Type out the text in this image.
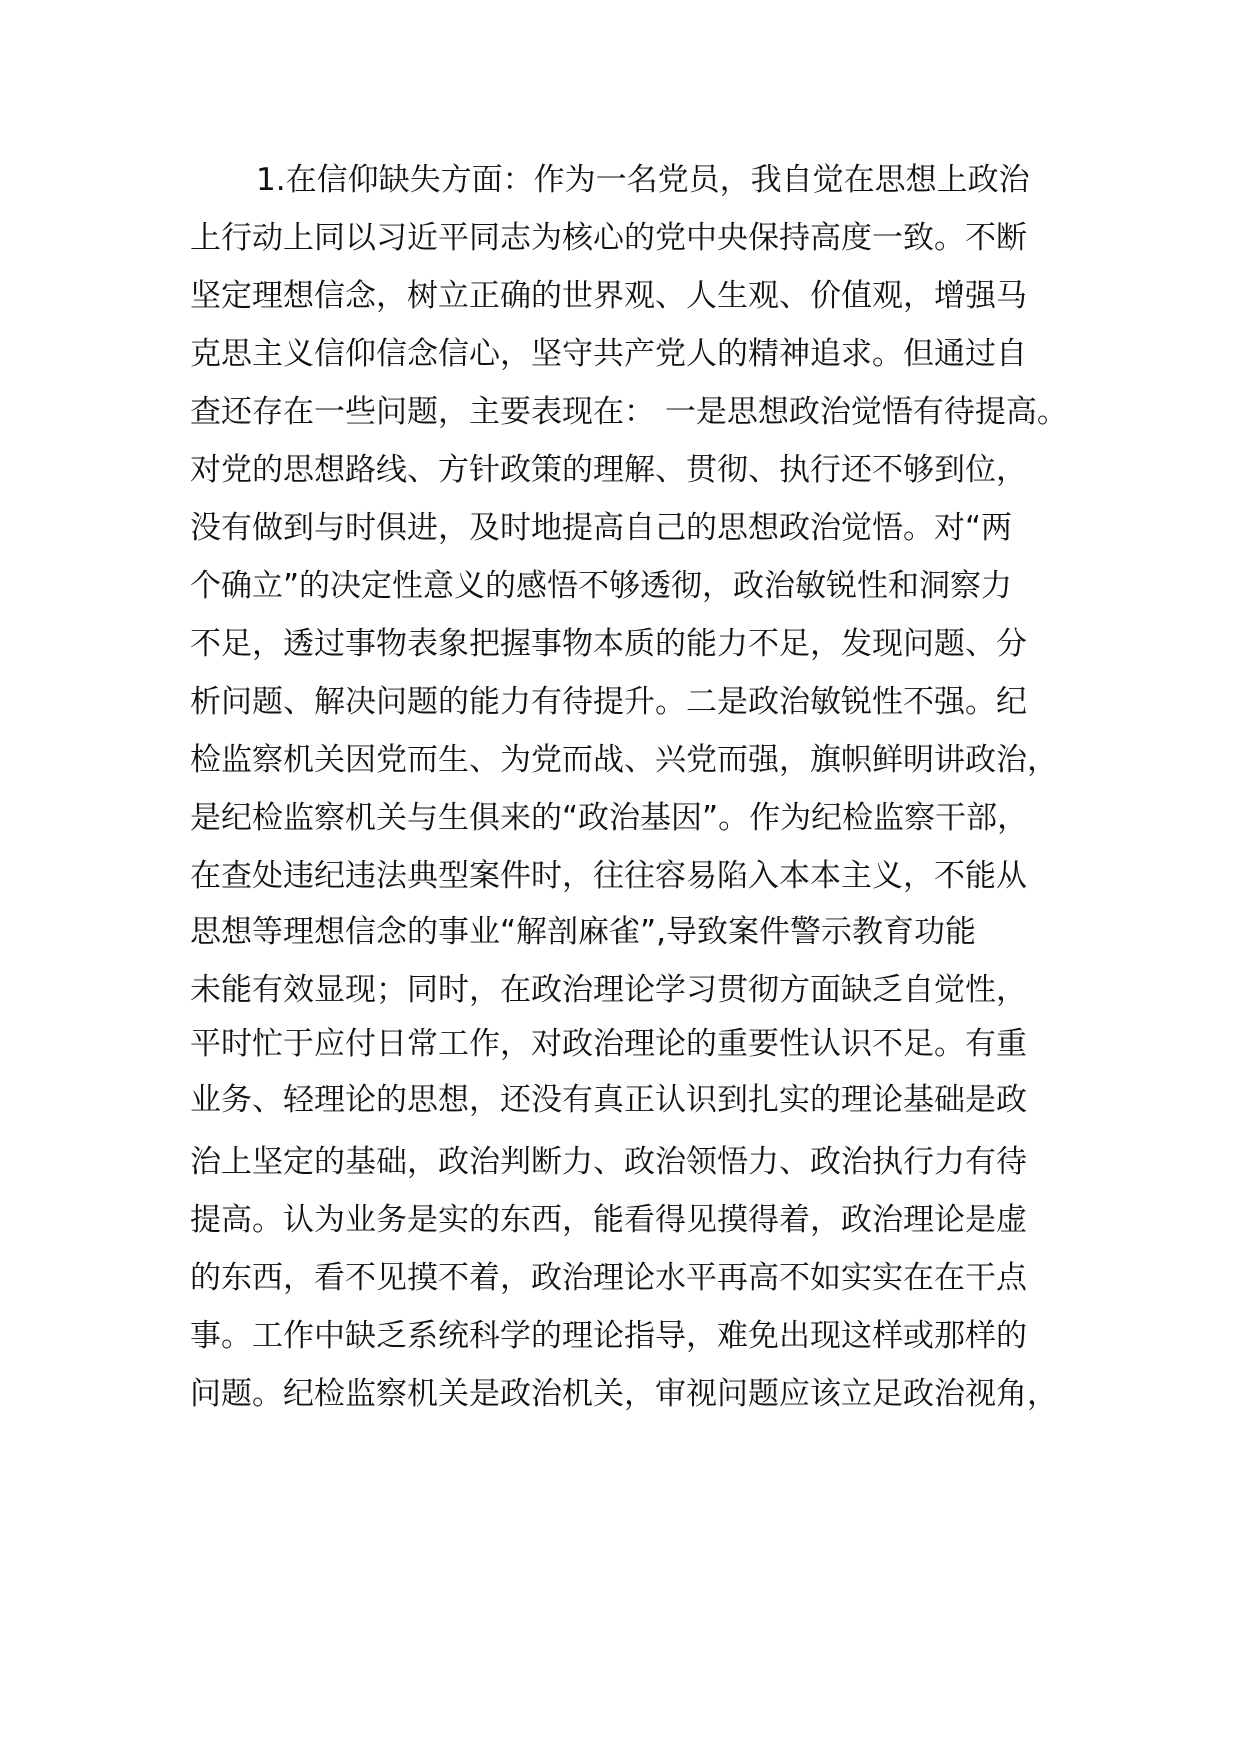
1.在信仰缺失方面：作为一名党员，我自觉在思想上政治
上行动上同以习近平同志为核心的党中央保持高度一致。不断
坚定理想信念，树立正确的世界观、人生观、价值观，增强马
克思主义信仰信念信心，坚守共产党人的精神追求。但通过自
查还存在一些问题，主要表现在： 一是思想政治觉悟有待提高。
对党的思想路线、方针政策的理解、贯彻、执行还不够到位，
没有做到与时俱进，及时地提高自己的思想政治觉悟。对“两
个确立”的决定性意义的感悟不够透彻，政治敏锐性和洞察力
不足，透过事物表象把握事物本质的能力不足，发现问题、分
析问题、解决问题的能力有待提升。二是政治敏锐性不强。纪
检监察机关因党而生、为党而战、兴党而强，旗帜鲜明讲政治，
是纪检监察机关与生俱来的“政治基因”。作为纪检监察干部，
在查处违纪违法典型案件时，往往容易陷入本本主义，不能从
思想等理想信念的事业“解剖麻雀”,导致案件警示教育功能
未能有效显现；同时，在政治理论学习贯彻方面缺乏自觉性，
平时忙于应付日常工作，对政治理论的重要性认识不足。有重
业务、轻理论的思想，还没有真正认识到扎实的理论基础是政
治上坚定的基础，政治判断力、政治领悟力、政治执行力有待
提高。认为业务是实的东西，能看得见摸得着，政治理论是虚
的东西，看不见摸不着，政治理论水平再高不如实实在在干点
事。工作中缺乏系统科学的理论指导，难免出现这样或那样的
问题。纪检监察机关是政治机关，审视问题应该立足政治视角，
